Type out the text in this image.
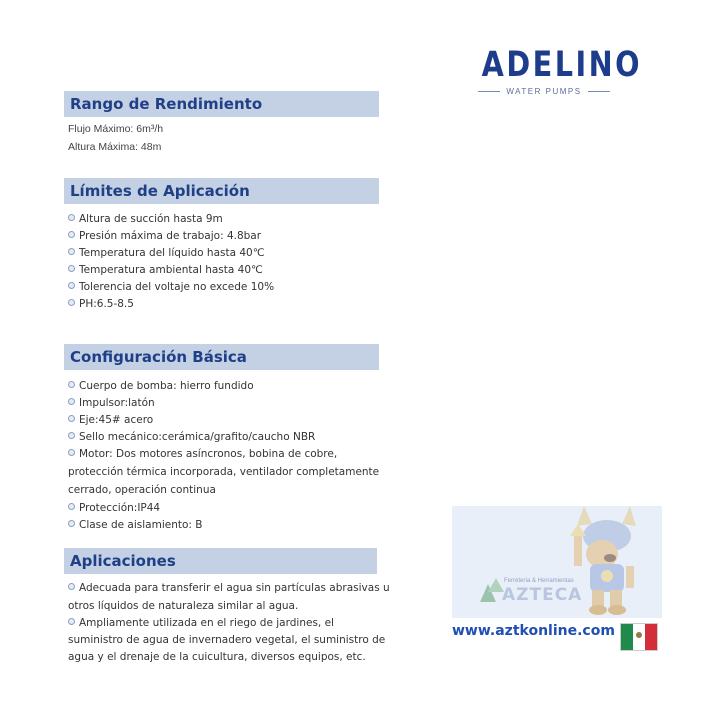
ADELINO
WATER PUMPS
Rango de Rendimiento
Flujo Máximo: 6m³/h
Altura Máxima: 48m
Límites de Aplicación
Altura de succión hasta 9m
Presión máxima de trabajo: 4.8bar
Temperatura del líquido hasta 40℃
Temperatura ambiental hasta 40℃
Tolerencia del voltaje no excede 10%
PH:6.5-8.5
Configuración Básica
Cuerpo de bomba: hierro fundido
Impulsor:latón
Eje:45# acero
Sello mecánico:cerámica/grafito/caucho NBR
Motor: Dos motores asíncronos, bobina de cobre,
protección térmica incorporada, ventilador completamente
cerrado, operación continua
Protección:IP44
Clase de aislamiento: B
Aplicaciones
Adecuada para transferir el agua sin partículas abrasivas u
otros líquidos de naturaleza similar al agua.
Ampliamente utilizada en el riego de jardines, el
suministro de agua de invernadero vegetal, el suministro de
agua y el drenaje de la cuicultura, diversos equipos, etc.
Ferretería & Herramientas
AZTECA
www.aztkonline.com
